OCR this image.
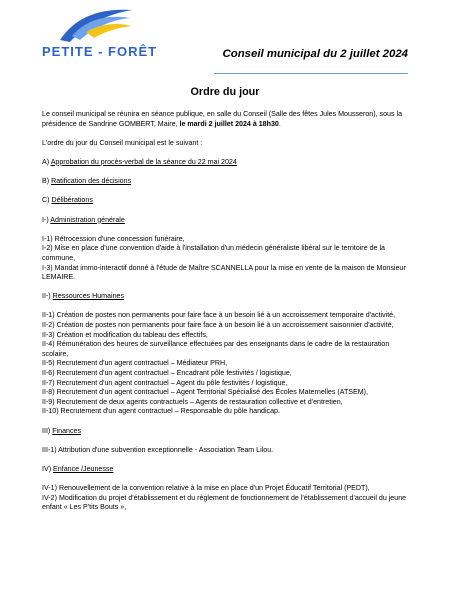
PETITE - FORÊT	Conseil municipal du 2 juillet 2024
Ordre du jour

Le conseil municipal se réunira en séance publique, en salle du Conseil (Salle des fêtes Jules Mousseron), sous la présidence de Sandrine GOMBERT, Maire, le mardi 2 juillet 2024 à 18h30.

L'ordre du jour du Conseil municipal est le suivant :

A) Approbation du procès-verbal de la séance du 22 mai 2024

B) Ratification des décisions

C) Délibérations

I-) Administration générale

I-1) Rétrocession d'une concession funéraire,

I-2) Mise en place d'une convention d'aide à l'installation d'un médecin généraliste libéral sur le territoire de la commune,

I-3) Mandat immo-interactif donné à l'étude de Maître SCANNELLA pour la mise en vente de la maison de Monsieur LEMAIRE.

II-) Ressources Humaines

II-1) Création de postes non permanents pour faire face à un besoin lié à un accroissement temporaire d'activité,

II-2) Création de postes non permanents pour faire face à un besoin lié à un accroissement saisonnier d'activité,

II-3) Création et modification du tableau des effectifs,

II-4) Rémunération des heures de surveillance effectuées par des enseignants dans le cadre de la restauration scolaire,

II-5) Recrutement d'un agent contractuel – Médiateur PRH,

II-6) Recrutement d'un agent contractuel – Encadrant pôle festivités / logistique,

II-7) Recrutement d'un agent contractuel – Agent du pôle festivités / logistique,

II-8) Recrutement d'un agent contractuel – Agent Territorial Spécialisé des Écoles Maternelles (ATSEM),

II-9) Recrutement de deux agents contractuels – Agents de restauration collective et d'entretien,

II-10) Recrutement d'un agent contractuel – Responsable du pôle handicap.

III) Finances

III-1) Attribution d'une subvention exceptionnelle - Association Team Lilou.

IV) Enfance /Jeunesse

IV-1) Renouvellement de la convention relative à la mise en place d'un Projet Éducatif Territorial (PEDT),

IV-2) Modification du projet d'établissement et du règlement de fonctionnement de l'établissement d'accueil du jeune enfant « Les P'tits Bouts »,
